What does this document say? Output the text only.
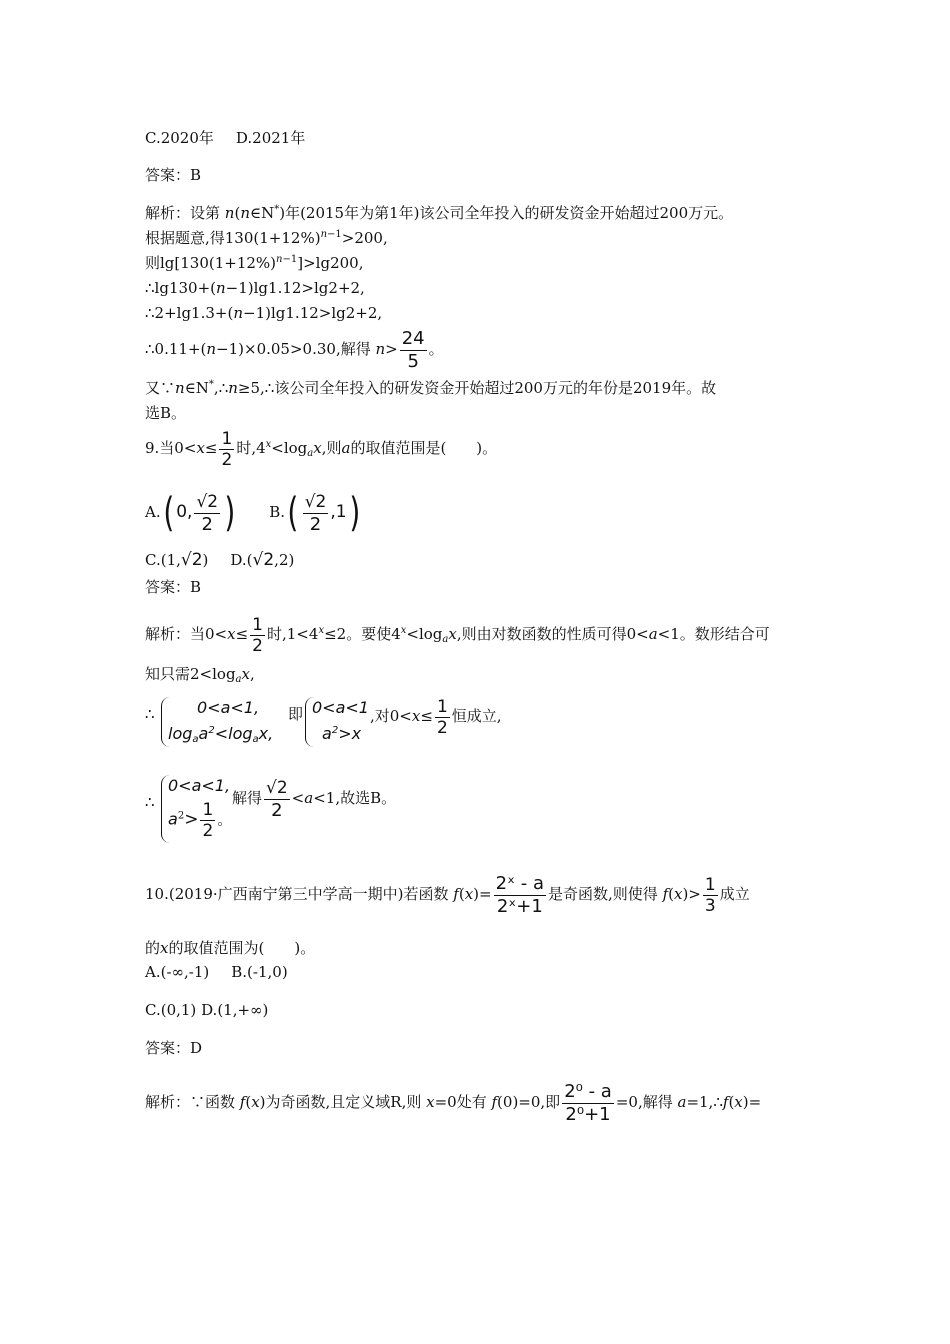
C.2020年 D.2021年
答案：B
解析：设第 n(n∈N*)年(2015年为第1年)该公司全年投入的研发资金开始超过200万元。
根据题意,得$130(1+12\%)^{n-1}>200$,
则$\lg[130(1+12\%)^{n-1}]>\lg 200$,
∴lg130+(n−1)lg1.12>lg2+2,
∴2+lg1.3+(n−1)lg1.12>lg2+2,
∴0.11+(n−1)×0.05>0.30,解得 $n> \frac{24}{5}$ 。
又∵n∈N*,∴n≥5,∴该公司全年投入的研发资金开始超过200万元的年份是2019年。故
选B。
9.当$0<x\le \frac{1}{2}$ 时$,4^x<\log_ax$,则a的取值范围是(　　)。
A.( 0, $\frac{√2}{2}$ ) $B.( \frac{√2}{2} ,1)$
C.(1,√2) D.(√2,2)
答案：B
解析：当$0<x\le \frac{1}{2}$ 时$,1<4^x\le 2$。要使$4^x<\log_ax$,则由对数函数的性质可得0<a<1。数形结合可
知只需$2<\log_ax$,
∴	0<a<1,
$\log_aa^2<\log_ax$,
即 0<a<1
$a^2>x$
,对$0<x\le \frac{1}{2}$ 恒成立,
∴
0<a<1,
$a^2> \frac{1}{2}$ 。
解得 $\frac{√2}{2} <a<1$,故选B。
10.(2019·广西南宁第三中学高一期中)若函数 $f(x)= \frac{\text{2ˣ - a}}{\text{2ˣ+1}}$ 是奇函数,则使得 $f(x)> \frac{1}{3}$ 成立
的x的取值范围为(　　)。
A.(-∞,-1) B.(-1,0)
C.(0,1) D.(1,+∞)
答案：D
解析：∵函数 f(x)为奇函数,且定义域R,则 x=0处有 f(0)=0,即 $\frac{\text{2⁰ - a}}{\text{2⁰+1}} =0$,解得 a=1,∴f(x)=
